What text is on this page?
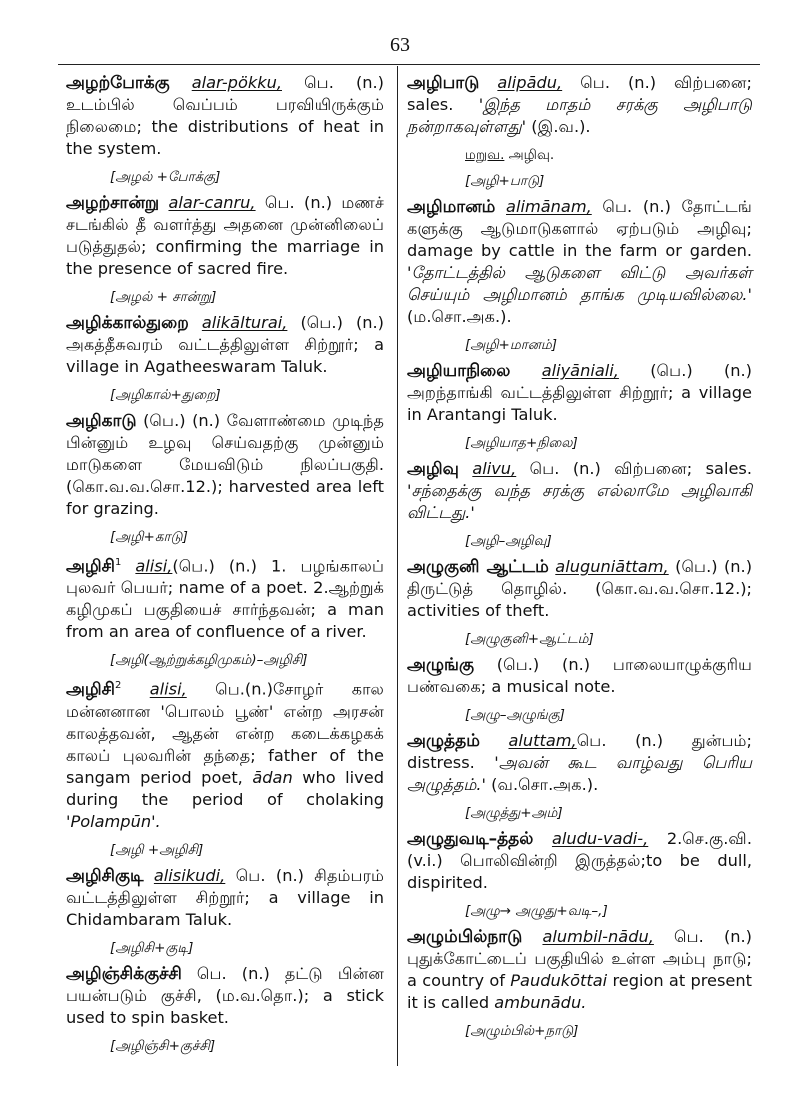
63

அழற்போக்கு alar-pökku, பெ. (n.) உடம்பில் வெப்பம் பரவியிருக்கும் நிலைமை; the distributions of heat in the system.

[அழல் +போக்கு]

அழற்சான்று alar-canru, பெ. (n.) மணச் சடங்கில் தீ வளர்த்து அதனை முன்னிலைப் படுத்துதல்; confirming the marriage in the presence of sacred fire.

[அழல் + சான்று]

அழிக்கால்துறை alikālturai, (பெ.) (n.) அகத்தீசுவரம் வட்டத்திலுள்ள சிற்றூர்; a village in Agatheeswaram Taluk.

[அழிகால்+துறை]

அழிகாடு (பெ.) (n.) வேளாண்மை முடிந்த பின்னும் உழவு செய்வதற்கு முன்னும் மாடுகளை மேயவிடும் நிலப்பகுதி. (கொ.வ.வ.சொ.12.); harvested area left for grazing.

[அழி+காடு]

அழிசி$^1$ alisi,(பெ.) (n.) 1. பழங்காலப் புலவர் பெயர்; name of a poet. 2.ஆற்றுக் கழிமுகப் பகுதியைச் சார்ந்தவன்; a man from an area of confluence of a river.

[அழி(ஆற்றுக்கழிமுகம்)–அழிசி]

அழிசி$^2$ alisi, பெ.(n.)சோழர் கால மன்னனான 'பொலம் பூண்' என்ற அரசன் காலத்தவன், ஆதன் என்ற கடைக்கழகக் காலப் புலவரின் தந்தை; father of the sangam period poet, ādan who lived during the period of cholaking 'Polampūn'.

[அழி +அழிசி]

அழிசிகுடி alisikudi, பெ. (n.) சிதம்பரம் வட்டத்திலுள்ள சிற்றூர்; a village in Chidambaram Taluk.

[அழிசி+குடி]

அழிஞ்சிக்குச்சி பெ. (n.) தட்டு பின்ன பயன்படும் குச்சி, (ம.வ.தொ.); a stick used to spin basket.

[அழிஞ்சி+குச்சி]

அழிபாடு alipādu, பெ. (n.) விற்பனை; sales. 'இந்த மாதம் சரக்கு அழிபாடு நன்றாகவுள்ளது' (இ.வ.).

மறுவ. அழிவு.
[அழி+பாடு]

அழிமானம் alimānam, பெ. (n.) தோட்டங் களுக்கு ஆடுமாடுகளால் ஏற்படும் அழிவு; damage by cattle in the farm or garden. 'தோட்டத்தில் ஆடுகளை விட்டு அவர்கள் செய்யும் அழிமானம் தாங்க முடியவில்லை.' (ம.சொ.அக.).

[அழி+மானம்]

அழியாநிலை aliyāniali, (பெ.) (n.) அறந்தாங்கி வட்டத்திலுள்ள சிற்றூர்; a village in Arantangi Taluk.

[அழியாத+நிலை]

அழிவு alivu, பெ. (n.) விற்பனை; sales. 'சந்தைக்கு வந்த சரக்கு எல்லாமே அழிவாகி விட்டது.'

[அழி–அழிவு]

அழுகுனி ஆட்டம் aluguniāttam, (பெ.) (n.) திருட்டுத் தொழில். (கொ.வ.வ.சொ.12.); activities of theft.

[அழுகுனி+ஆட்டம்]

அழுங்கு (பெ.) (n.) பாலையாழுக்குரிய பண்வகை; a musical note.

[அழு–அழுங்கு]

அழுத்தம் aluttam,பெ. (n.) துன்பம்; distress. 'அவன் கூட வாழ்வது பெரிய அழுத்தம்.' (வ.சொ.அக.).

[அழுத்து+அம்]

அழுதுவடி–த்தல் aludu-vadi-, 2.செ.கு.வி. (v.i.) பொலிவின்றி இருத்தல்;to be dull, dispirited.

[அழு→ அழுது+வடி–,]

அழும்பில்நாடு alumbil-nādu, பெ. (n.) புதுக்கோட்டைப் பகுதியில் உள்ள அம்பு நாடு; a country of Paudukōttai region at present it is called ambunādu.

[அழும்பில்+நாடு]
